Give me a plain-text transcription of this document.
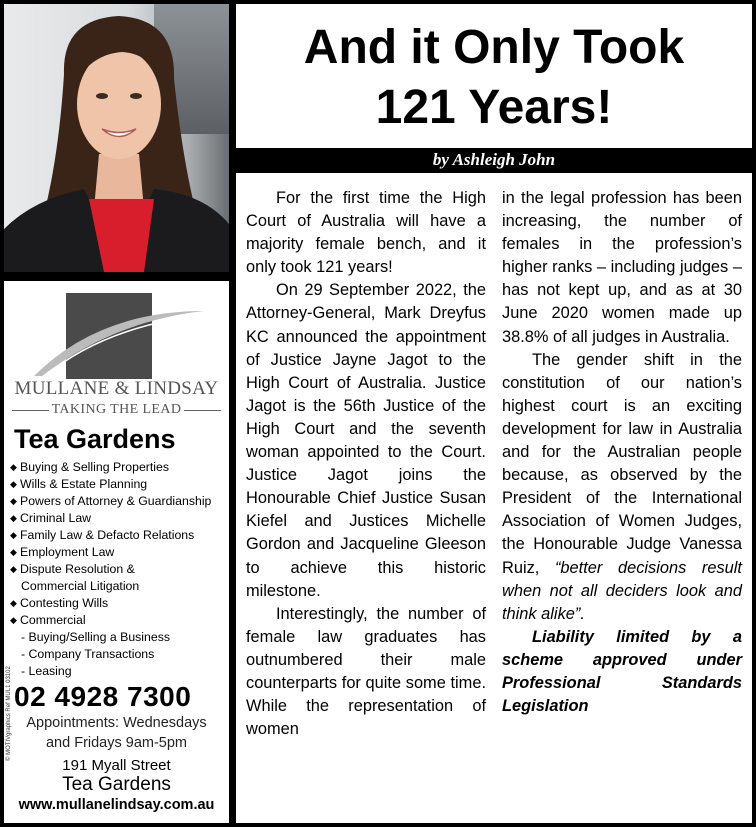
MULLANE & LINDSAY
TAKING THE LEAD
Tea Gardens
◆ Buying & Selling Properties
◆ Wills & Estate Planning
◆ Powers of Attorney & Guardianship
◆ Criminal Law
◆ Family Law & Defacto Relations
◆ Employment Law
◆ Dispute Resolution &
Commercial Litigation
◆ Contesting Wills
◆ Commercial
- Buying/Selling a Business
- Company Transactions
- Leasing
02 4928 7300
© MOTIVgraphics Ref MUL1 03102 Appointments: Wednesdays
and Fridays 9am-5pm
191 Myall Street
Tea Gardens
www.mullanelindsay.com.au
And it Only Took
121 Years!
by Ashleigh John

For the first time the High Court of Australia will have a majority female bench, and it only took 121 years!

On 29 September 2022, the Attorney-General, Mark Dreyfus KC announced the appointment of Justice Jayne Jagot to the High Court of Australia. Justice Jagot is the 56th Justice of the High Court and the seventh woman appointed to the Court. Justice Jagot joins the Honourable Chief Justice Susan Kiefel and Justices Michelle Gordon and Jacqueline Gleeson to achieve this historic milestone.

Interestingly, the number of female law graduates has outnumbered their male counterparts for quite some time. While the representation of women

in the legal profession has been increasing, the number of females in the profession’s higher ranks – including judges – has not kept up, and as at 30 June 2020 women made up 38.8% of all judges in Australia.

The gender shift in the constitution of our nation’s highest court is an exciting development for law in Australia and for the Australian people because, as observed by the President of the International Association of Women Judges, the Honourable Judge Vanessa Ruiz, “better decisions result when not all deciders look and think alike”.

Liability limited by a scheme approved under Professional Standards Legislation
